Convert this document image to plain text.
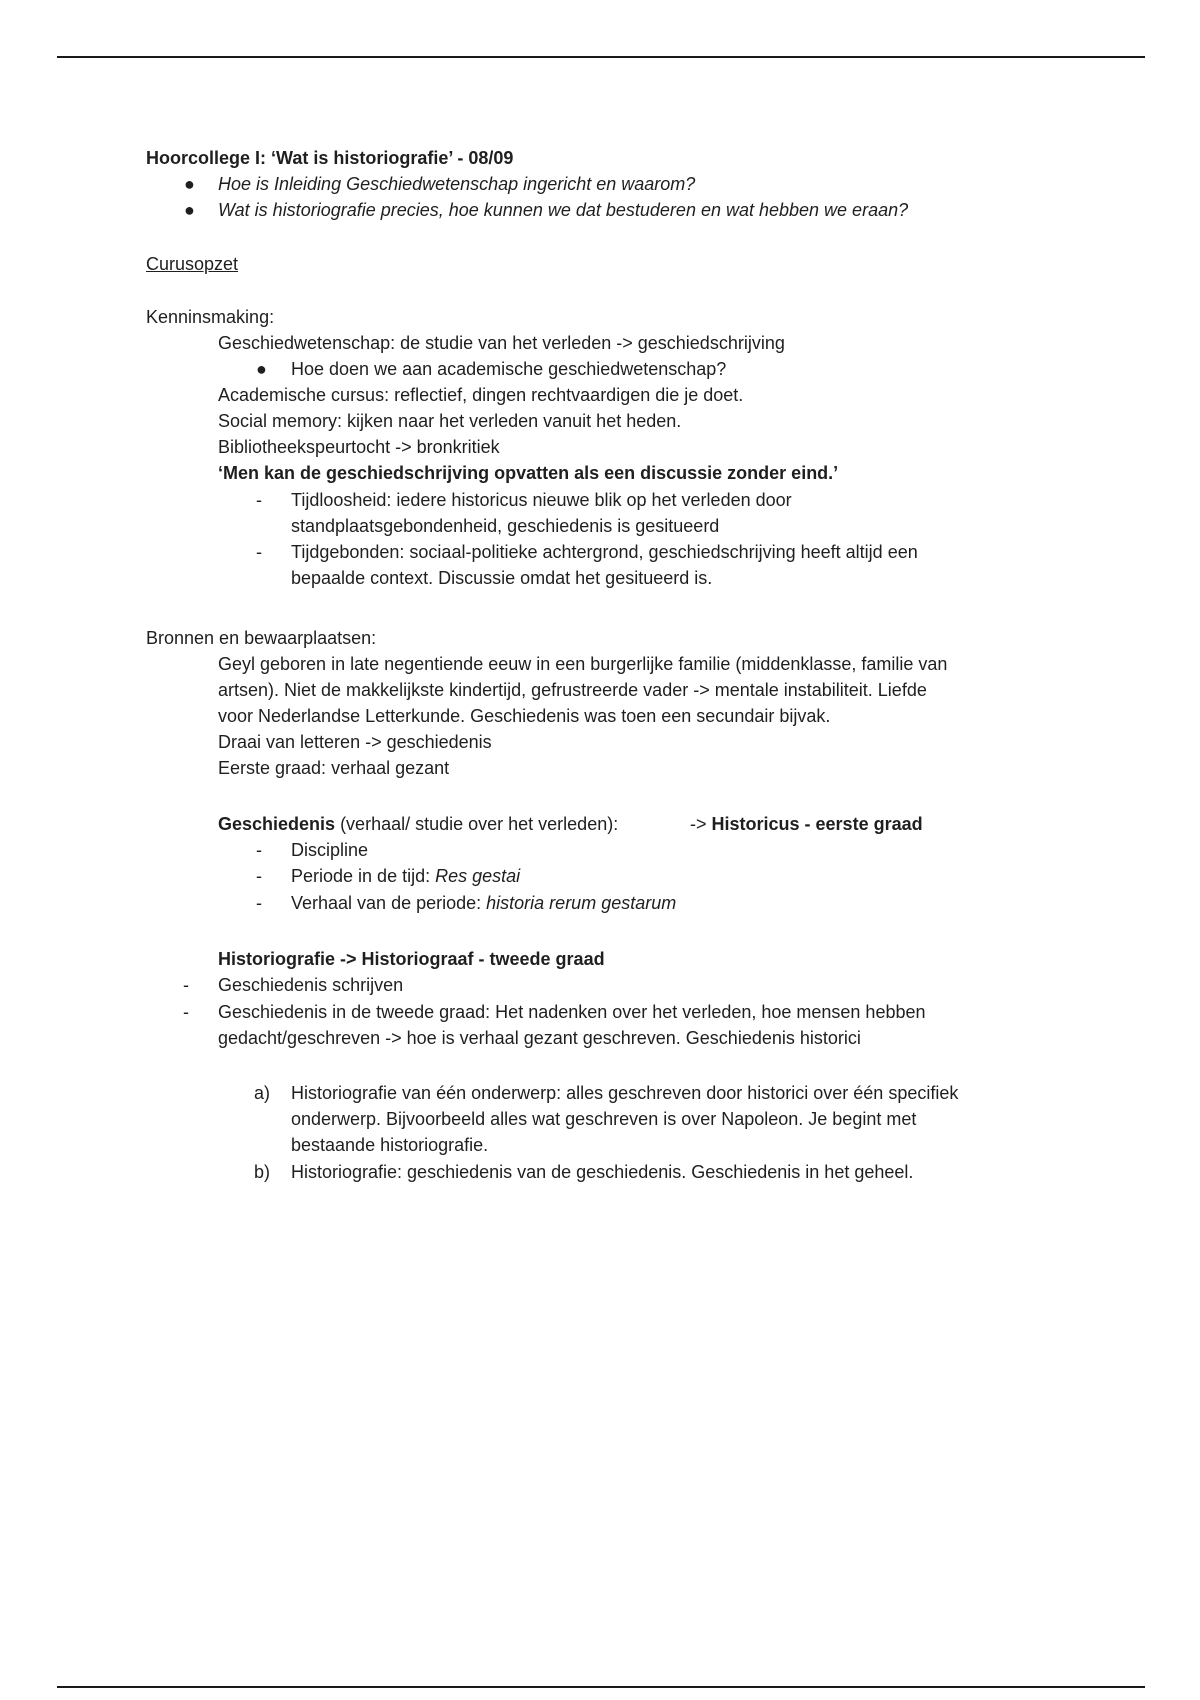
Hoorcollege I: ‘Wat is historiografie’ - 08/09
● Hoe is Inleiding Geschiedwetenschap ingericht en waarom?
● Wat is historiografie precies, hoe kunnen we dat bestuderen en wat hebben we eraan?
Curusopzet
Kenninsmaking:
Geschiedwetenschap: de studie van het verleden -> geschiedschrijving
● Hoe doen we aan academische geschiedwetenschap?
Academische cursus: reflectief, dingen rechtvaardigen die je doet.
Social memory: kijken naar het verleden vanuit het heden.
Bibliotheekspeurtocht -> bronkritiek
‘Men kan de geschiedschrijving opvatten als een discussie zonder eind.’
- Tijdloosheid: iedere historicus nieuwe blik op het verleden door
standplaatsgebondenheid, geschiedenis is gesitueerd
- Tijdgebonden: sociaal-politieke achtergrond, geschiedschrijving heeft altijd een
bepaalde context. Discussie omdat het gesitueerd is.
Bronnen en bewaarplaatsen:
Geyl geboren in late negentiende eeuw in een burgerlijke familie (middenklasse, familie van
artsen). Niet de makkelijkste kindertijd, gefrustreerde vader -> mentale instabiliteit. Liefde
voor Nederlandse Letterkunde. Geschiedenis was toen een secundair bijvak.
Draai van letteren -> geschiedenis
Eerste graad: verhaal gezant
Geschiedenis (verhaal/ studie over het verleden):	-> Historicus - eerste graad
- Discipline
- Periode in de tijd: Res gestai
- Verhaal van de periode: historia rerum gestarum
Historiografie -> Historiograaf - tweede graad
- Geschiedenis schrijven
- Geschiedenis in de tweede graad: Het nadenken over het verleden, hoe mensen hebben
gedacht/geschreven -> hoe is verhaal gezant geschreven. Geschiedenis historici
a) Historiografie van één onderwerp: alles geschreven door historici over één specifiek
onderwerp. Bijvoorbeeld alles wat geschreven is over Napoleon. Je begint met
bestaande historiografie.
b) Historiografie: geschiedenis van de geschiedenis. Geschiedenis in het geheel.
